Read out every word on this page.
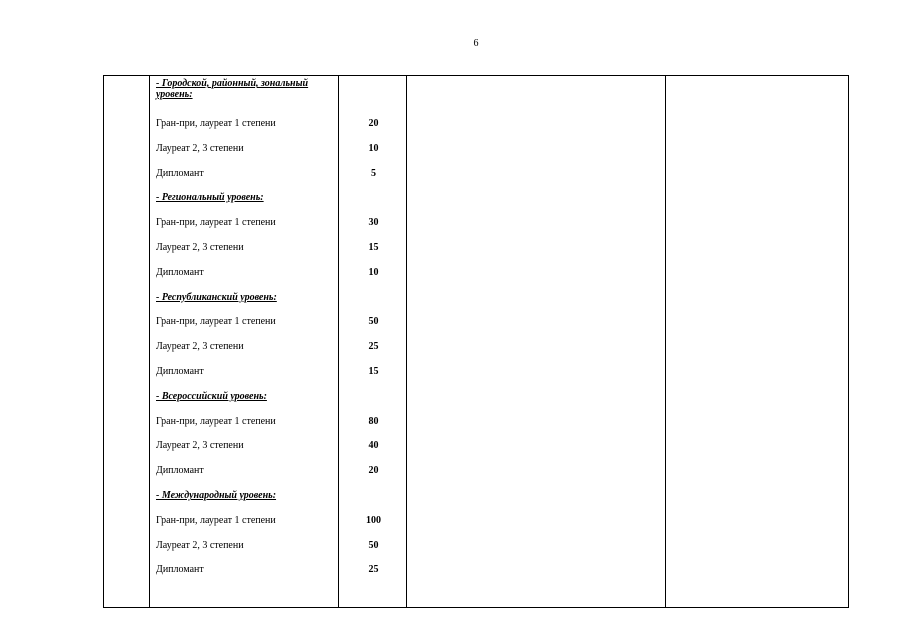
6
- Городской, районный, зональный уровень:
Гран-при, лауреат 1 степени	20
Лауреат 2, 3 степени	10
Дипломант	5
- Региональный уровень:
Гран-при, лауреат 1 степени	30
Лауреат 2, 3 степени	15
Дипломант	10
- Республиканский уровень:
Гран-при, лауреат 1 степени	50
Лауреат 2, 3 степени	25
Дипломант	15
- Всероссийский уровень:
Гран-при, лауреат 1 степени	80
Лауреат 2, 3 степени	40
Дипломант	20
- Международный уровень:
Гран-при, лауреат 1 степени	100
Лауреат 2, 3 степени	50
Дипломант	25
